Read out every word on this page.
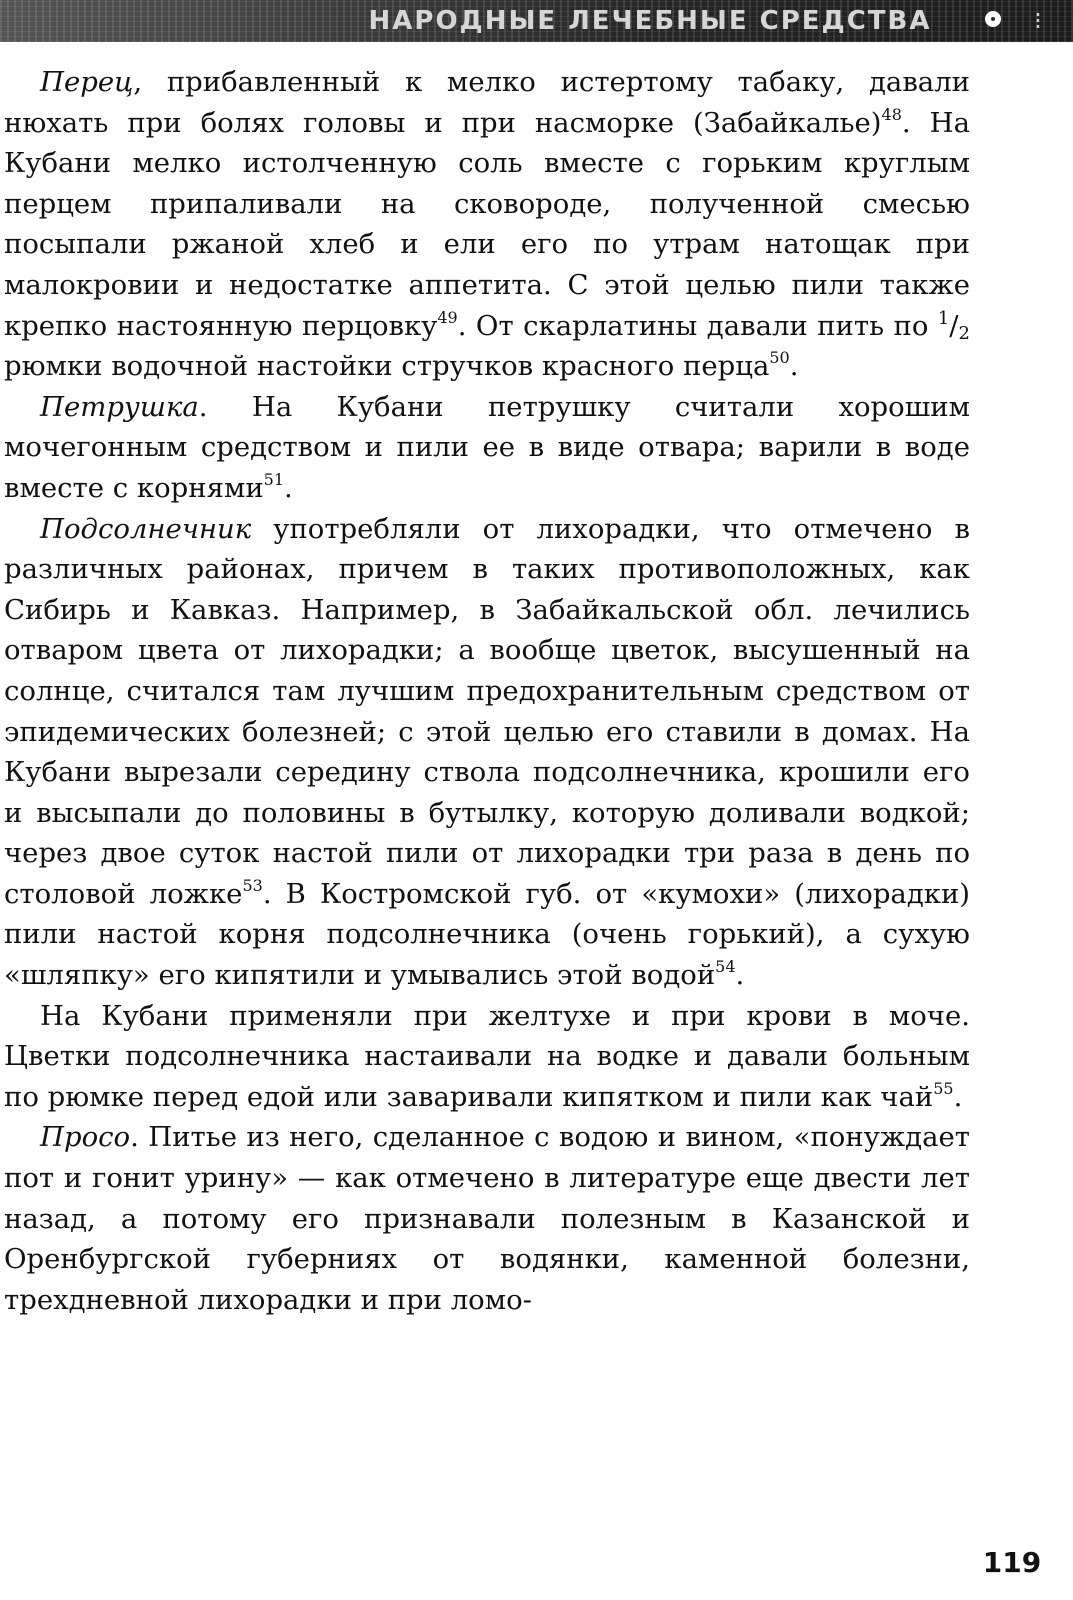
НАРОДНЫЕ ЛЕЧЕБНЫЕ СРЕДСТВА	⁝

Перец, прибавленный к мелко истертому табаку, давали нюхать при болях головы и при насморке (Забайкалье)$^{48}$. На Кубани мелко истолченную соль вместе с горьким круглым перцем припаливали на сковороде, полученной смесью посыпали ржаной хлеб и ели его по утрам натощак при малокровии и недостатке аппетита. С этой целью пили также крепко настоянную перцовку$^{49}$. От скарлатины давали пить по $^1$/2 рюмки водочной настойки стручков красного перца$^{50}$.

Петрушка. На Кубани петрушку считали хорошим мочегонным средством и пили ее в виде отвара; варили в воде вместе с корнями$^{51}$.

Подсолнечник употребляли от лихорадки, что отмечено в различных районах, причем в таких противоположных, как Сибирь и Кавказ. Например, в Забайкальской обл. лечились отваром цвета от лихорадки; а вообще цветок, высушенный на солнце, считался там лучшим предохранительным средством от эпидемических болезней; с этой целью его ставили в домах. На Кубани вырезали середину ствола подсолнечника, крошили его и высыпали до половины в бутылку, которую доливали водкой; через двое суток настой пили от лихорадки три раза в день по столовой ложке$^{53}$. В Костромской губ. от «кумохи» (лихорадки) пили настой корня подсолнечника (очень горький), а сухую «шляпку» его кипятили и умывались этой водой$^{54}$.

На Кубани применяли при желтухе и при крови в моче. Цветки подсолнечника настаивали на водке и давали больным по рюмке перед едой или заваривали кипятком и пили как чай$^{55}$.

Просо. Питье из него, сделанное с водою и вином, «понуждает пот и гонит урину» — как отмечено в литературе еще двести лет назад, а потому его признавали полезным в Казанской и Оренбургской губерниях от водянки, каменной болезни, трехдневной лихорадки и при ломо-

119
